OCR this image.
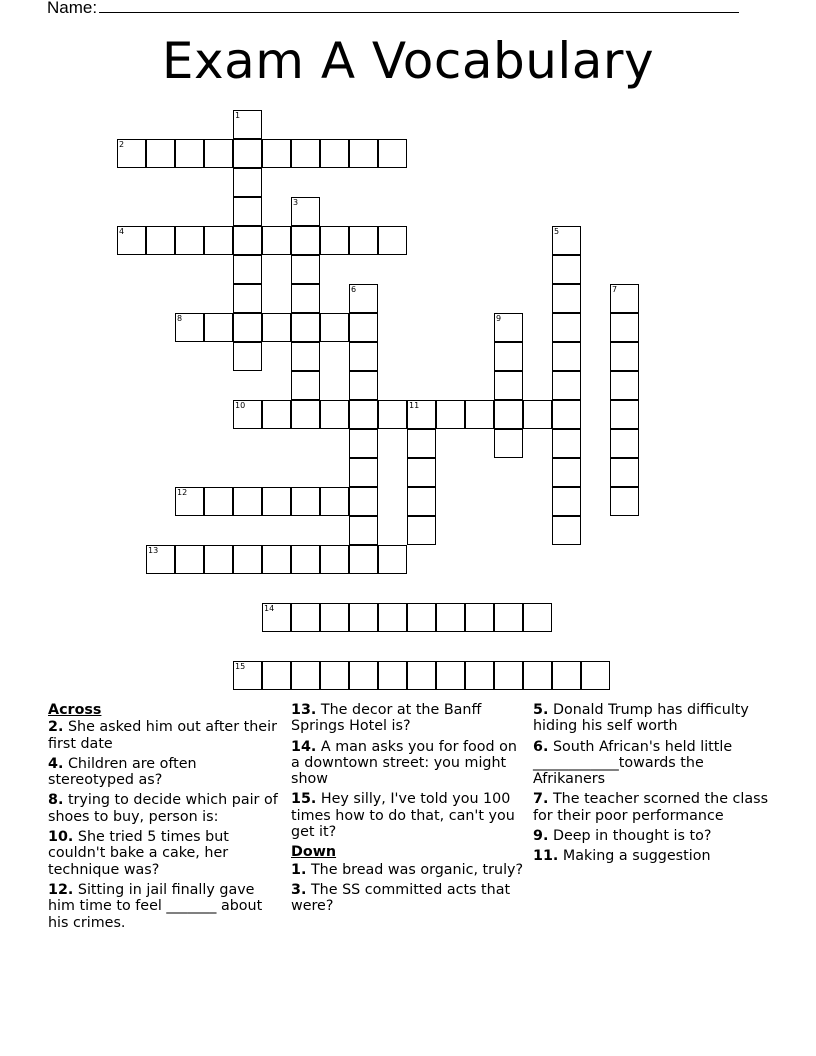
Name:
Exam A Vocabulary
1
2
3
4	5
6	7
8	9
10	11
12
13
14
15
Across
2. She asked him out after their first date
4. Children are often stereotyped as?
8. trying to decide which pair of shoes to buy, person is:
10. She tried 5 times but couldn't bake a cake, her technique was?
12. Sitting in jail finally gave him time to feel _______ about his crimes.
13. The decor at the Banff Springs Hotel is?
14. A man asks you for food on a downtown street: you might show
15. Hey silly, I've told you 100 times how to do that, can't you get it?
Down
1. The bread was organic, truly?
3. The SS committed acts that were?
5. Donald Trump has difficulty hiding his self worth
6. South African's held little ____________towards the Afrikaners
7. The teacher scorned the class for their poor performance
9. Deep in thought is to?
11. Making a suggestion
